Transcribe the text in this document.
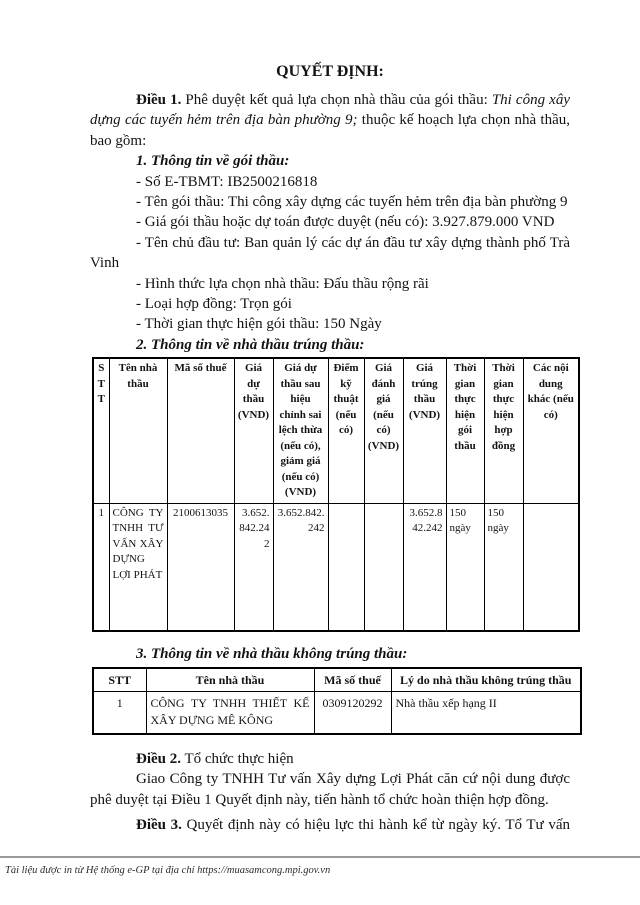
QUYẾT ĐỊNH:

Điều 1. Phê duyệt kết quả lựa chọn nhà thầu của gói thầu: Thi công xây dựng các tuyến hẻm trên địa bàn phường 9; thuộc kế hoạch lựa chọn nhà thầu, bao gồm:

1. Thông tin về gói thầu:

- Số E-TBMT: IB2500216818

- Tên gói thầu: Thi công xây dựng các tuyến hẻm trên địa bàn phường 9

- Giá gói thầu hoặc dự toán được duyệt (nếu có): 3.927.879.000 VND

- Tên chủ đầu tư: Ban quản lý các dự án đầu tư xây dựng thành phố Trà Vinh

- Hình thức lựa chọn nhà thầu: Đấu thầu rộng rãi

- Loại hợp đồng: Trọn gói

- Thời gian thực hiện gói thầu: 150 Ngày

2. Thông tin về nhà thầu trúng thầu:

STT	Tên nhà thầu	Mã số thuế	Giá dự thầu (VND)	Giá dự thầu sau hiệu chỉnh sai lệch thừa (nếu có), giảm giá (nếu có) (VND)	Điểm kỹ thuật (nếu có)	Giá đánh giá (nếu có) (VND)	Giá trúng thầu (VND)	Thời gian thực hiện gói thầu	Thời gian thực hiện hợp đồng	Các nội dung khác (nếu có)
1	CÔNG TY TNHH TƯ VẤN XÂY DỰNG LỢI PHÁT	2100613035	3.652.842.242	3.652.842.242			3.652.842.242	150 ngày	150 ngày	

3. Thông tin về nhà thầu không trúng thầu:

STT	Tên nhà thầu	Mã số thuế	Lý do nhà thầu không trúng thầu
1	CÔNG TY TNHH THIẾT KẾ XÂY DỰNG MÊ KÔNG	0309120292	Nhà thầu xếp hạng II

Điều 2. Tổ chức thực hiện

Giao Công ty TNHH Tư vấn Xây dựng Lợi Phát căn cứ nội dung được phê duyệt tại Điều 1 Quyết định này, tiến hành tổ chức hoàn thiện hợp đồng.

Điều 3. Quyết định này có hiệu lực thi hành kể từ ngày ký. Tổ Tư vấn

Tài liệu được in từ Hệ thống e-GP tại địa chỉ https://muasamcong.mpi.gov.vn
